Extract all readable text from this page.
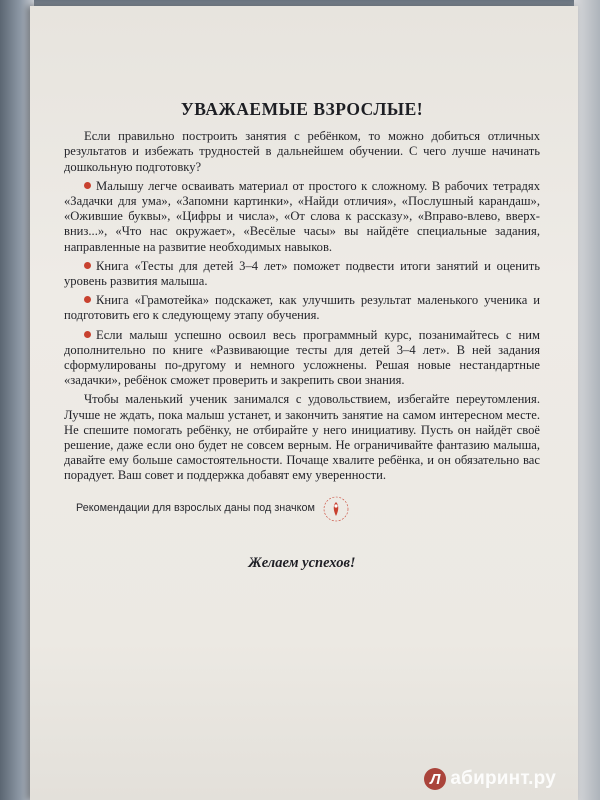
УВАЖАЕМЫЕ ВЗРОСЛЫЕ!

Если правильно построить занятия с ребёнком, то можно добиться отличных результатов и избежать трудностей в дальнейшем обучении. С чего лучше начинать дошкольную подготовку?

Малышу легче осваивать материал от простого к сложному. В рабочих тетрадях «Задачки для ума», «Запомни картинки», «Найди отличия», «Послушный карандаш», «Ожившие буквы», «Цифры и числа», «От слова к рассказу», «Вправо-влево, вверх-вниз...», «Что нас окружает», «Весёлые часы» вы найдёте специальные задания, направленные на развитие необходимых навыков.

Книга «Тесты для детей 3–4 лет» поможет подвести итоги занятий и оценить уровень развития малыша.

Книга «Грамотейка» подскажет, как улучшить результат маленького ученика и подготовить его к следующему этапу обучения.

Если малыш успешно освоил весь программный курс, позанимайтесь с ним дополнительно по книге «Развивающие тесты для детей 3–4 лет». В ней задания сформулированы по-другому и немного усложнены. Решая новые нестандартные «задачки», ребёнок сможет проверить и закрепить свои знания.

Чтобы маленький ученик занимался с удовольствием, избегайте переутомления. Лучше не ждать, пока малыш устанет, и закончить занятие на самом интересном месте. Не спешите помогать ребёнку, не отбирайте у него инициативу. Пусть он найдёт своё решение, даже если оно будет не совсем верным. Не ограничивайте фантазию малыша, давайте ему больше самостоятельности. Почаще хвалите ребёнка, и он обязательно вас порадует. Ваш совет и поддержка добавят ему уверенности.

Рекомендации для взрослых даны под значком
Желаем успехов!
Л абиринт.ру
